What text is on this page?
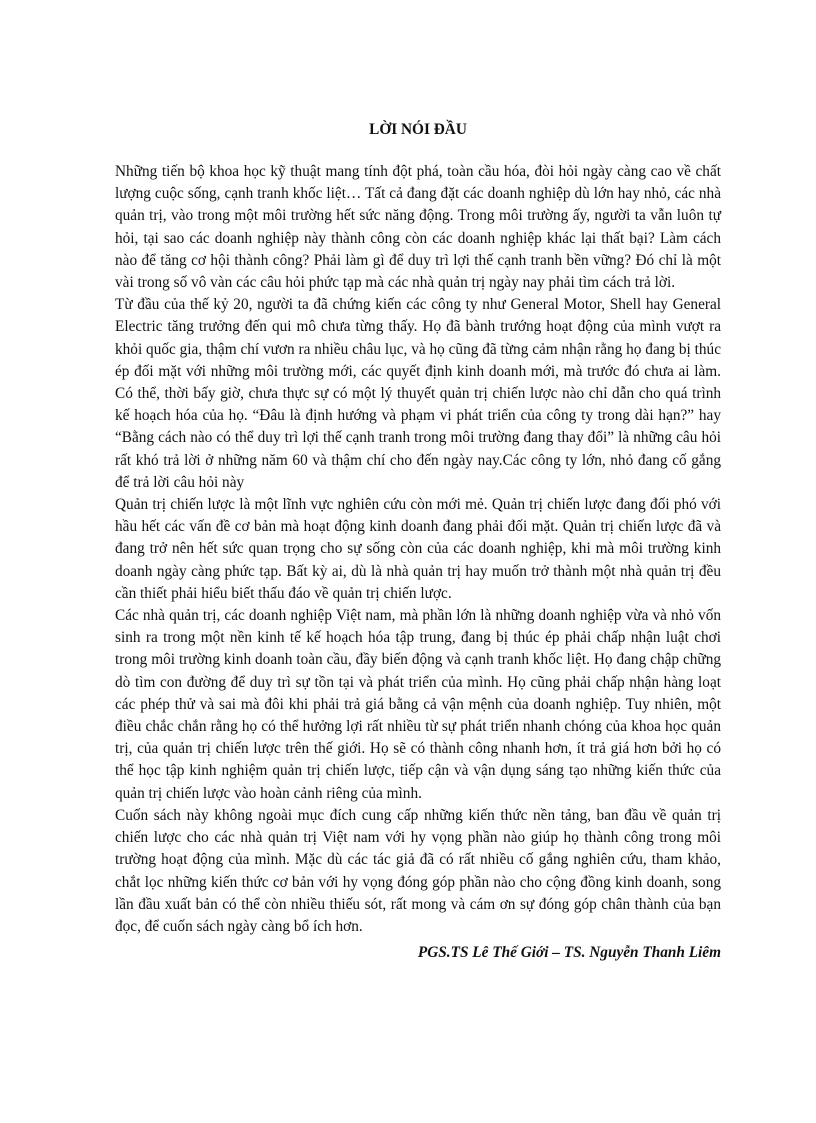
LỜI NÓI ĐẦU

Những tiến bộ khoa học kỹ thuật mang tính đột phá, toàn cầu hóa, đòi hỏi ngày càng cao về chất lượng cuộc sống, cạnh tranh khốc liệt… Tất cả đang đặt các doanh nghiệp dù lớn hay nhỏ, các nhà quản trị, vào trong một môi trường hết sức năng động. Trong môi trường ấy, người ta vẫn luôn tự hỏi, tại sao các doanh nghiệp này thành công còn các doanh nghiệp khác lại thất bại? Làm cách nào để tăng cơ hội thành công? Phải làm gì để duy trì lợi thế cạnh tranh bền vững? Đó chỉ là một vài trong số vô vàn các câu hỏi phức tạp mà các nhà quản trị ngày nay phải tìm cách trả lời.

Từ đầu của thế kỷ 20, người ta đã chứng kiến các công ty như General Motor, Shell hay General Electric tăng trưởng đến qui mô chưa từng thấy. Họ đã bành trướng hoạt động của mình vượt ra khỏi quốc gia, thậm chí vươn ra nhiều châu lục, và họ cũng đã từng cảm nhận rằng họ đang bị thúc ép đối mặt với những môi trường mới, các quyết định kinh doanh mới, mà trước đó chưa ai làm. Có thể, thời bấy giờ, chưa thực sự có một lý thuyết quản trị chiến lược nào chỉ dẫn cho quá trình kế hoạch hóa của họ. “Đâu là định hướng và phạm vi phát triển của công ty trong dài hạn?” hay “Bằng cách nào có thể duy trì lợi thế cạnh tranh trong môi trường đang thay đổi” là những câu hỏi rất khó trả lời ở những năm 60 và thậm chí cho đến ngày nay.Các công ty lớn, nhỏ đang cố gắng để trả lời câu hỏi này

Quản trị chiến lược là một lĩnh vực nghiên cứu còn mới mẻ. Quản trị chiến lược đang đối phó với hầu hết các vấn đề cơ bản mà hoạt động kinh doanh đang phải đối mặt. Quản trị chiến lược đã và đang trở nên hết sức quan trọng cho sự sống còn của các doanh nghiệp, khi mà môi trường kinh doanh ngày càng phức tạp. Bất kỳ ai, dù là nhà quản trị hay muốn trở thành một nhà quản trị đều cần thiết phải hiểu biết thấu đáo về quản trị chiến lược.

Các nhà quản trị, các doanh nghiệp Việt nam, mà phần lớn là những doanh nghiệp vừa và nhỏ vốn sinh ra trong một nền kinh tế kế hoạch hóa tập trung, đang bị thúc ép phải chấp nhận luật chơi trong môi trường kinh doanh toàn cầu, đầy biến động và cạnh tranh khốc liệt. Họ đang chập chững dò tìm con đường để duy trì sự tồn tại và phát triển của mình. Họ cũng phải chấp nhận hàng loạt các phép thử và sai mà đôi khi phải trả giá bằng cả vận mệnh của doanh nghiệp. Tuy nhiên, một điều chắc chắn rằng họ có thể hưởng lợi rất nhiều từ sự phát triển nhanh chóng của khoa học quản trị, của quản trị chiến lược trên thế giới. Họ sẽ có thành công nhanh hơn, ít trả giá hơn bởi họ có thể học tập kinh nghiệm quản trị chiến lược, tiếp cận và vận dụng sáng tạo những kiến thức của quản trị chiến lược vào hoàn cảnh riêng của mình.

Cuốn sách này không ngoài mục đích cung cấp những kiến thức nền tảng, ban đầu về quản trị chiến lược cho các nhà quản trị Việt nam với hy vọng phần nào giúp họ thành công trong môi trường hoạt động của mình. Mặc dù các tác giả đã có rất nhiều cố gắng nghiên cứu, tham khảo, chắt lọc những kiến thức cơ bản với hy vọng đóng góp phần nào cho cộng đồng kinh doanh, song lần đầu xuất bản có thể còn nhiều thiếu sót, rất mong và cám ơn sự đóng góp chân thành của bạn đọc, để cuốn sách ngày càng bổ ích hơn.

PGS.TS Lê Thế Giới – TS. Nguyễn Thanh Liêm
